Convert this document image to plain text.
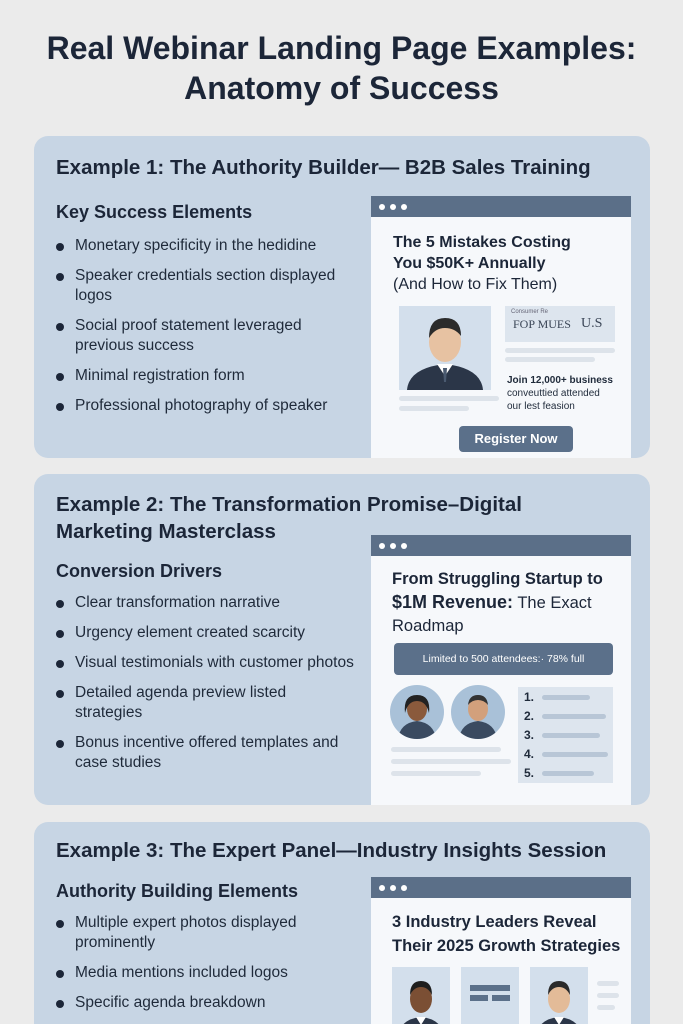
Real Webinar Landing Page Examples:
Anatomy of Success
Example 1: The Authority Builder— B2B Sales Training
Key Success Elements
Monetary specificity in the hedidine
Speaker credentials section displayed logos
Social proof statement leveraged previous success
Minimal registration form
Professional photography of speaker
The 5 Mistakes Costing
You $50K+ Annually
(And How to Fix Them)
Consumer Re
FOP MUES U.S
Join 12,000+ business
conveuttied attended
our lest feasion
Register Now
Example 2: The Transformation Promise–Digital
Marketing Masterclass
Conversion Drivers
Clear transformation narrative
Urgency element created scarcity
Visual testimonials with customer photos
Detailed agenda preview listed strategies
Bonus incentive offered templates and case studies
From Struggling Startup to
$1M Revenue: The Exact
Roadmap
Limited to 500 attendees:· 78% full
1.
2.
3.
4.
5.
Example 3: The Expert Panel—Industry Insights Session
Authority Building Elements
Multiple expert photos displayed prominently
Media mentions included logos
Specific agenda breakdown
3 Industry Leaders Reveal
Their 2025 Growth Strategies
